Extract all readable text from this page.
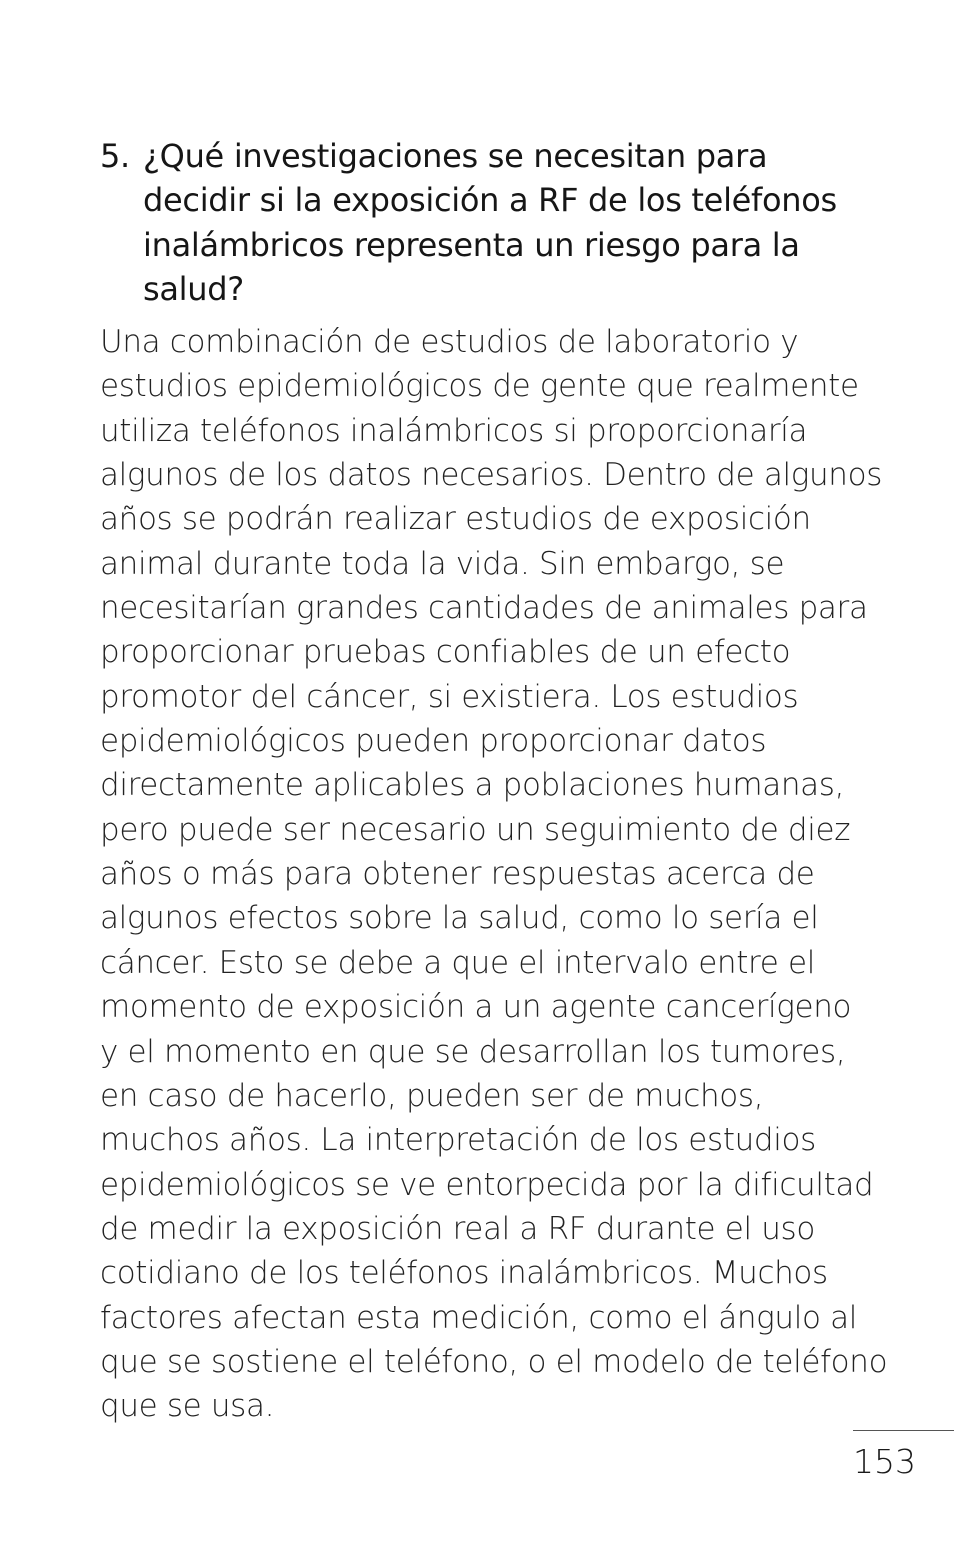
5. ¿Qué investigaciones se necesitan para
decidir si la exposición a RF de los teléfonos
inalámbricos representa un riesgo para la
salud?
Una combinación de estudios de laboratorio y
estudios epidemiológicos de gente que realmente
utiliza teléfonos inalámbricos si proporcionaría
algunos de los datos necesarios. Dentro de algunos
años se podrán realizar estudios de exposición
animal durante toda la vida. Sin embargo, se
necesitarían grandes cantidades de animales para
proporcionar pruebas confiables de un efecto
promotor del cáncer, si existiera. Los estudios
epidemiológicos pueden proporcionar datos
directamente aplicables a poblaciones humanas,
pero puede ser necesario un seguimiento de diez
años o más para obtener respuestas acerca de
algunos efectos sobre la salud, como lo sería el
cáncer. Esto se debe a que el intervalo entre el
momento de exposición a un agente cancerígeno
y el momento en que se desarrollan los tumores,
en caso de hacerlo, pueden ser de muchos,
muchos años. La interpretación de los estudios
epidemiológicos se ve entorpecida por la dificultad
de medir la exposición real a RF durante el uso
cotidiano de los teléfonos inalámbricos. Muchos
factores afectan esta medición, como el ángulo al
que se sostiene el teléfono, o el modelo de teléfono
que se usa.
153
